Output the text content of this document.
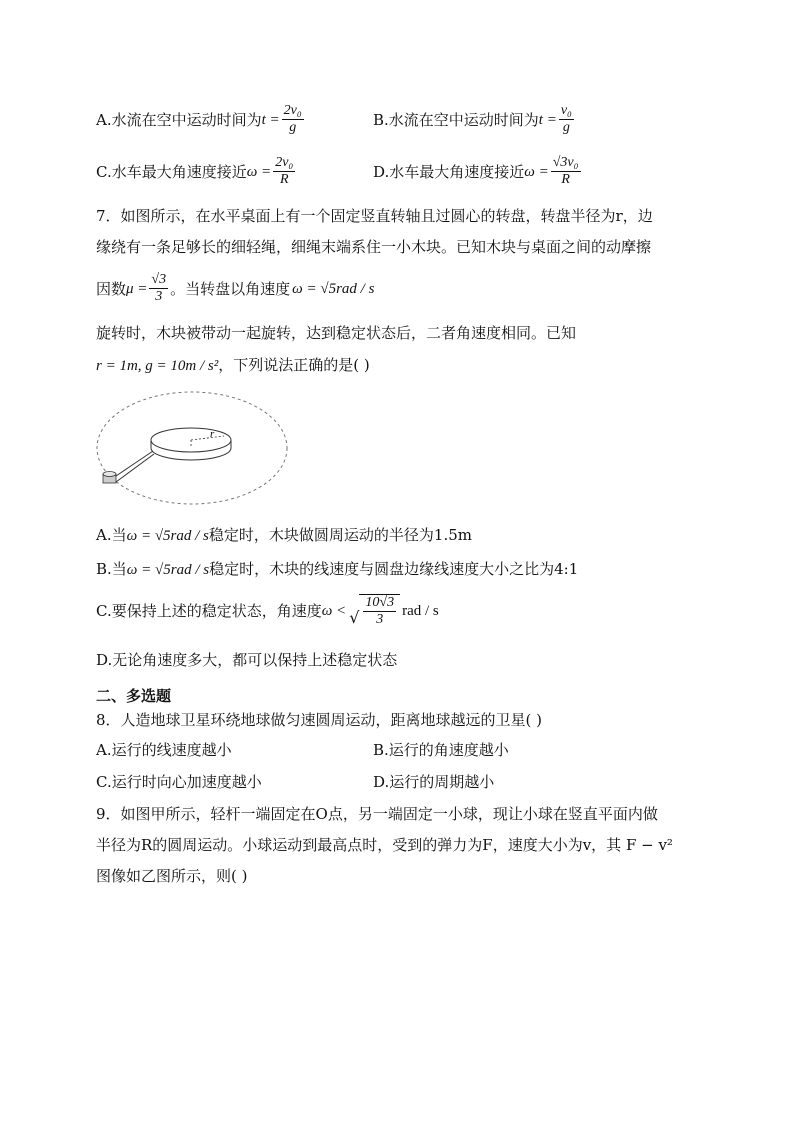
A.水流在空中运动时间为 $t = \frac{\text{2v₀}}{g}$	B.水流在空中运动时间为 $t = \frac{\text{v₀}}{g}$
C.水车最大角速度接近 $\omega = \frac{\text{2v₀}}{R}$	D.水车最大角速度接近 $\omega = \frac{\text{√3v₀}}{R}$
7．如图所示，在水平桌面上有一个固定竖直转轴且过圆心的转盘，转盘半径为r，边
缘绕有一条足够长的细轻绳，细绳末端系住一小木块。已知木块与桌面之间的动摩擦
因数 $\mu = \frac{√3}{3}$ 。当转盘以角速度 ω = √5rad / s
旋转时，木块被带动一起旋转，达到稳定状态后，二者角速度相同。已知
r = 1m, g = 10m / s²，下列说法正确的是( )
r
A.当ω = √5rad / s稳定时，木块做圆周运动的半径为1.5m
B.当ω = √5rad / s稳定时，木块的线速度与圆盘边缘线速度大小之比为4:1
C.要保持上述的稳定状态，角速度 ω < √ $\frac{10√3}{3}$ rad / s
D.无论角速度多大，都可以保持上述稳定状态
二、多选题
8．人造地球卫星环绕地球做匀速圆周运动，距离地球越远的卫星( )
A.运行的线速度越小	B.运行的角速度越小
C.运行时向心加速度越小	D.运行的周期越小
9．如图甲所示，轻杆一端固定在O点，另一端固定一小球，现让小球在竖直平面内做
半径为R的圆周运动。小球运动到最高点时，受到的弹力为F，速度大小为v，其 F − v²
图像如乙图所示，则( )
